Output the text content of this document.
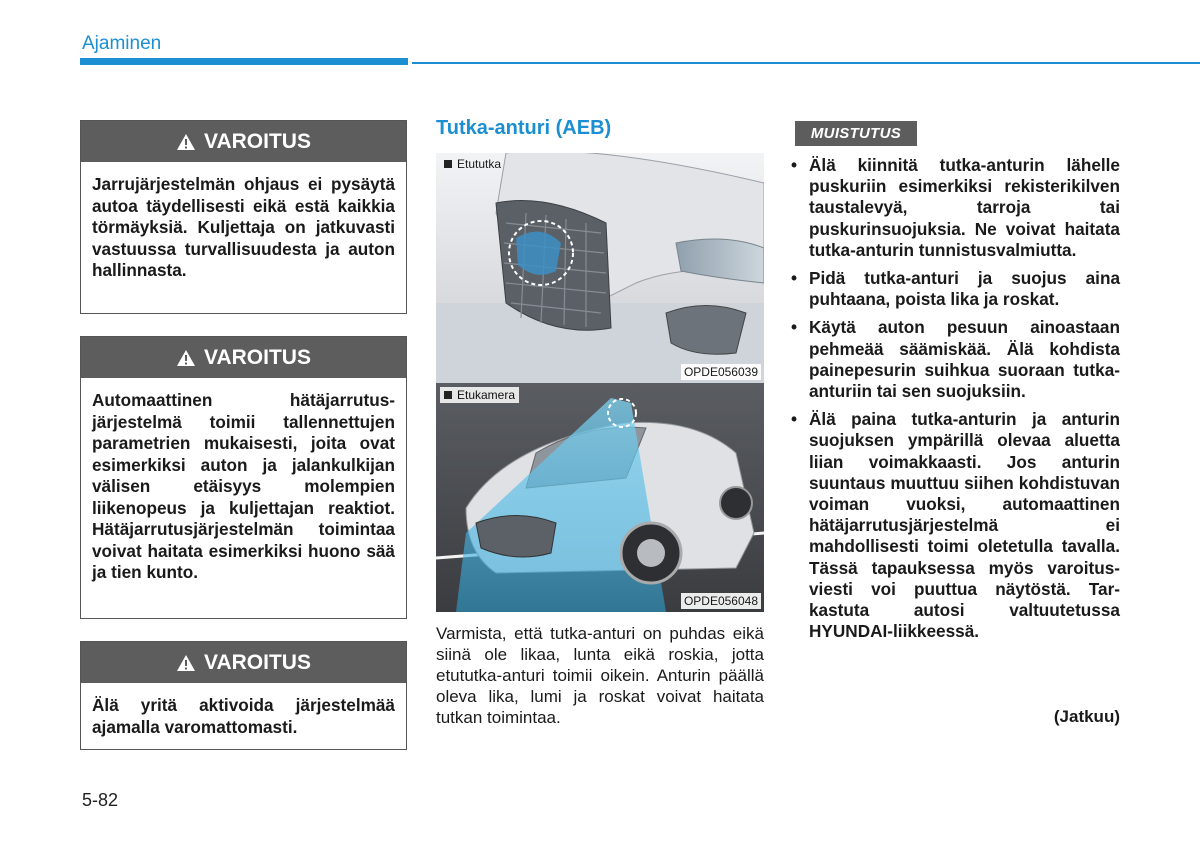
Ajaminen
VAROITUS
Jarrujärjestelmän ohjaus ei pysäytä autoa täydellisesti eikä estä kaikkia törmäyksiä. Kuljettaja on jatkuvasti vastuussa turvallisuudesta ja auton hallinnasta.
VAROITUS
Automaattinen hätäjarrutusjärjestelmä toimii tallennettujen parametrien mukaisesti, joita ovat esimerkiksi auton ja jalankulkijan välisen etäisyys molempien liikenopeus ja kuljettajan reaktiot. Hätäjarrutusjärjestelmän toimintaa voivat haitata esimerkiksi huono sää ja tien kunto.
VAROITUS
Älä yritä aktivoida järjestelmää ajamalla varomattomasti.
Tutka-anturi (AEB)
Etututka
OPDE056039
Etukamera
OPDE056048
Varmista, että tutka-anturi on puhdas eikä siinä ole likaa, lunta eikä roskia, jotta etututka-anturi toimii oikein. Anturin päällä oleva lika, lumi ja roskat voivat haitata tutkan toimintaa.
MUISTUTUS
• Älä kiinnitä tutka-anturin lähelle puskuriin esimerkiksi rekisterikilven taustalevyä, tarroja tai puskurinsuojuksia. Ne voivat haitata tutka-anturin tunnistusvalmiutta.
• Pidä tutka-anturi ja suojus aina puhtaana, poista lika ja roskat.
• Käytä auton pesuun ainoastaan pehmeää säämiskää. Älä kohdista painepesurin suihkua suoraan tutka-anturiin tai sen suojuksiin.
• Älä paina tutka-anturin ja anturin suojuksen ympärillä olevaa aluetta liian voimakkaasti. Jos anturin suuntaus muuttuu siihen kohdistuvan voiman vuoksi, automaattinen hätäjarrutusjärjestelmä ei mahdollisesti toimi oletetulla tavalla. Tässä tapauksessa myös varoitusviesti voi puuttua näytöstä. Tarkastuta autosi valtuutetussa HYUNDAI-liikkeessä.
(Jatkuu)
5-82
